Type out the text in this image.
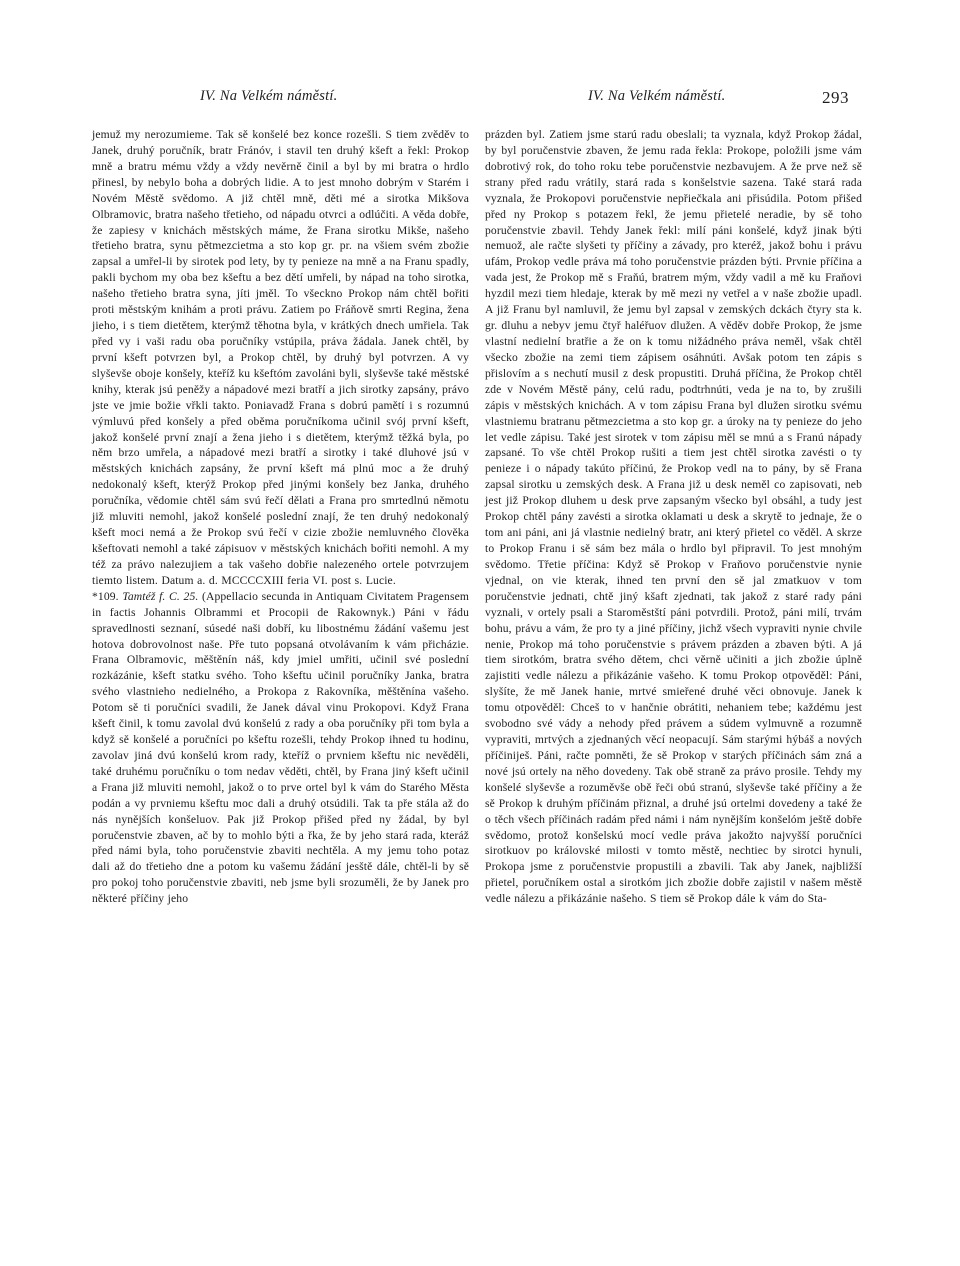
IV. Na Velkém náměstí.	IV. Na Velkém náměstí.	293

jemuž my nerozumieme. Tak sě konšelé bez konce rozešli. S tiem zvěděv to Janek, druhý poručník, bratr Fránóv, i stavil ten druhý kšeft a řekl: Prokop mně a bratru mému vždy a vždy nevěrně činil a byl by mi bratra o hrdlo přinesl, by nebylo boha a dobrých lidie. A to jest mnoho dobrým v Starém i Novém Městě svědomo. A již chtěl mně, děti mé a sirotka Mikšova Olbramovic, bratra našeho třetieho, od nápadu otvrci a odlúčiti. A věda dobře, že zapiesy v knichách městských máme, že Frana sirotku Mikše, našeho třetieho bratra, synu pětmezcietma a sto kop gr. pr. na všiem svém zbožie zapsal a umřel-li by sirotek pod lety, by ty penieze na mně a na Franu spadly, pakli bychom my oba bez kšeftu a bez dětí umřeli, by nápad na toho sirotka, našeho třetieho bratra syna, jíti jměl. To všeckno Prokop nám chtěl bořiti proti městským knihám a proti právu. Zatiem po Fráňově smrti Regina, žena jieho, i s tiem dietětem, kterýmž těhotna byla, v krátkých dnech umřiela. Tak před vy i vaši radu oba poručníky vstúpila, práva žádala. Janek chtěl, by první kšeft potvrzen byl, a Prokop chtěl, by druhý byl potvrzen. A vy slyševše oboje konšely, kteříž ku kšeftóm zavoláni byli, slyševše také městské knihy, kterak jsú peněžy a nápadové mezi bratří a jich sirotky zapsány, právo jste ve jmie božie vřkli takto. Poniavadž Frana s dobrú pamětí i s rozumnú výmluvú před konšely a před oběma poručníkoma učinil svój první kšeft, jakož konšelé první znají a žena jieho i s dietětem, kterýmž těžká byla, po něm brzo umřela, a nápadové mezi bratří a sirotky i také dluhové jsú v městských knichách zapsány, že první kšeft má plnú moc a že druhý nedokonalý kšeft, kterýž Prokop před jinými konšely bez Janka, druhého poručníka, vědomie chtěl sám svú řečí dělati a Frana pro smrtedlnú němotu již mluviti nemohl, jakož konšelé poslední znají, že ten druhý nedokonalý kšeft moci nemá a že Prokop svú řečí v cizie zbožie nemluvného člověka kšeftovati nemohl a také zápisuov v městských knichách bořiti nemohl. A my též za právo nalezujiem a tak vašeho dobřie nalezeného ortele potvrzujem tiemto listem. Datum a. d. MCCCCXIII feria VI. post s. Lucie.

*109. Tamtéž f. C. 25. (Appellacio secunda in Antiquam Civitatem Pragensem in factis Johannis Olbrammi et Procopii de Rakownyk.) Páni v řádu spravedlnosti seznaní, súsedé naši dobří, ku libostnému žádání vašemu jest hotova dobrovolnost naše. Pře tuto popsaná otvolávaním k vám přicházie. Frana Olbramovic, měštěnín náš, kdy jmiel umřiti, učinil své poslední rozkázánie, kšeft statku svého. Toho kšeftu učinil poručníky Janka, bratra svého vlastnieho nedielného, a Prokopa z Rakovníka, měštěnína vašeho. Potom sě ti poručníci svadili, že Janek dával vinu Prokopovi. Když Frana kšeft činil, k tomu zavolal dvú konšelú z rady a oba poručníky při tom byla a když sě konšelé a poručníci po kšeftu rozešli, tehdy Prokop ihned tu hodinu, zavolav jiná dvú konšelú krom rady, kteříž o prvniem kšeftu nic nevěděli, také druhému poručníku o tom nedav věděti, chtěl, by Frana jiný kšeft učinil a Frana již mluviti nemohl, jakož o to prve ortel byl k vám do Starého Města podán a vy prvniemu kšeftu moc dali a druhý otsúdili. Tak ta pře stála až do nás nynějších konšeluov. Pak již Prokop přišed před ny žádal, by byl poručenstvie zbaven, ač by to mohlo býti a řka, že by jeho stará rada, kteráž před námi byla, toho poručenstvie zbaviti nechtěla. A my jemu toho potaz dali až do třetieho dne a potom ku vašemu žádání jesště dále, chtěl-li by sě pro pokoj toho poručenstvie zbaviti, neb jsme byli srozuměli, že by Janek pro některé příčiny jeho

prázden byl. Zatiem jsme starú radu obeslali; ta vyznala, když Prokop žádal, by byl poručenstvie zbaven, že jemu rada řekla: Prokope, položili jsme vám dobrotivý rok, do toho roku tebe poručenstvie nezbavujem. A že prve než sě strany před radu vrátily, stará rada s konšelstvie sazena. Také stará rada vyznala, že Prokopovi poručenstvie nepřiečkala ani přisúdila. Potom přišed před ny Prokop s potazem řekl, že jemu přietelé neradie, by sě toho poručenstvie zbavil. Tehdy Janek řekl: milí páni konšelé, když jinak býti nemuož, ale račte slyšeti ty příčiny a závady, pro kteréž, jakož bohu i právu ufám, Prokop vedle práva má toho poručenstvie prázden býti. Prvnie příčina a vada jest, že Prokop mě s Fraňú, bratrem mým, vždy vadil a mě ku Fraňovi hyzdil mezi tiem hledaje, kterak by mě mezi ny vetřel a v naše zbožie upadl. A již Franu byl namluvil, že jemu byl zapsal v zemských dckách čtyry sta k. gr. dluhu a nebyv jemu čtyř haléřuov dlužen. A věděv dobře Prokop, že jsme vlastní nedielní bratřie a že on k tomu nižádného práva neměl, však chtěl všecko zbožie na zemi tiem zápisem osáhnúti. Avšak potom ten zápis s přislovím a s nechutí musil z desk propustiti. Druhá příčina, že Prokop chtěl zde v Novém Městě pány, celú radu, podtrhnúti, veda je na to, by zrušili zápis v městských knichách. A v tom zápisu Frana byl dlužen sirotku svému vlastniemu bratranu pětmezcietma a sto kop gr. a úroky na ty penieze do jeho let vedle zápisu. Také jest sirotek v tom zápisu měl se mnú a s Franú nápady zapsané. To vše chtěl Prokop rušiti a tiem jest chtěl sirotka zavésti o ty penieze i o nápady takúto příčinú, že Prokop vedl na to pány, by sě Frana zapsal sirotku u zemských desk. A Frana již u desk neměl co zapisovati, neb jest již Prokop dluhem u desk prve zapsaným všecko byl obsáhl, a tudy jest Prokop chtěl pány zavésti a sirotka oklamati u desk a skrytě to jednaje, že o tom ani páni, ani já vlastnie nedielný bratr, ani který přietel co věděl. A skrze to Prokop Franu i sě sám bez mála o hrdlo byl připravil. To jest mnohým svědomo. Třetie příčina: Když sě Prokop v Fraňovo poručenstvie nynie vjednal, on vie kterak, ihned ten první den sě jal zmatkuov v tom poručenstvie jednati, chtě jiný kšaft zjednati, tak jakož z staré rady páni vyznali, v ortely psali a Staroměstští páni potvrdili. Protož, páni milí, trvám bohu, právu a vám, že pro ty a jiné příčiny, jichž všech vypraviti nynie chvile nenie, Prokop má toho poručenstvie s právem prázden a zbaven býti. A já tiem sirotkóm, bratra svého dětem, chci věrně učiniti a jich zbožie úplně zajistiti vedle nálezu a přikázánie vašeho. K tomu Prokop otpověděl: Páni, slyšíte, že mě Janek hanie, mrtvé smieřené druhé věci obnovuje. Janek k tomu otpověděl: Chceš to v hančnie obrátiti, nehaniem tebe; každému jest svobodno své vády a nehody před právem a súdem vylmuvně a rozumně vypraviti, mrtvých a zjednaných věcí neopacují. Sám starými hýbáš a nových příčiniješ. Páni, račte pomněti, že sě Prokop v starých příčinách sám zná a nové jsú ortely na něho dovedeny. Tak obě straně za právo prosile. Tehdy my konšelé slyševše a rozuměvše obě řeči obú stranú, slyševše také příčiny a že sě Prokop k druhým příčinám přiznal, a druhé jsú ortelmi dovedeny a také že o těch všech příčinách radám před námi i nám nynějším konšelóm ještě dobře svědomo, protož konšelskú mocí vedle práva jakožto najvyšší poručníci sirotkuov po královské milosti v tomto městě, nechtiec by sirotci hynuli, Prokopa jsme z poručenstvie propustili a zbavili. Tak aby Janek, najbližší přietel, poručníkem ostal a sirotkóm jich zbožie dobře zajistil v našem městě vedle nálezu a přikázánie našeho. S tiem sě Prokop dále k vám do Sta-
